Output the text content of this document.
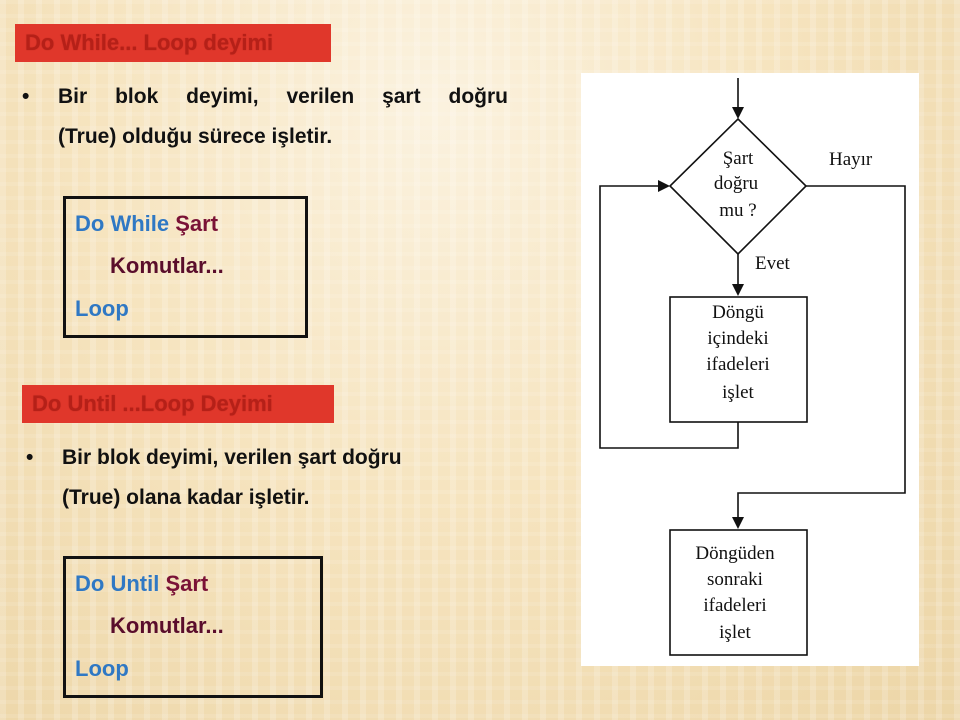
Do While... Loop deyimi
• Bir blok deyimi, verilen şart doğru
(True) olduğu sürece işletir.
Do While Şart
Komutlar...
Loop
Do Until ...Loop Deyimi
• Bir blok deyimi, verilen şart doğru
(True) olana kadar işletir.
Do Until Şart
Komutlar...
Loop
Şart
doğru
mu ?
Hayır
Evet
Döngü
içindeki
ifadeleri
işlet
Döngüden
sonraki
ifadeleri
işlet
